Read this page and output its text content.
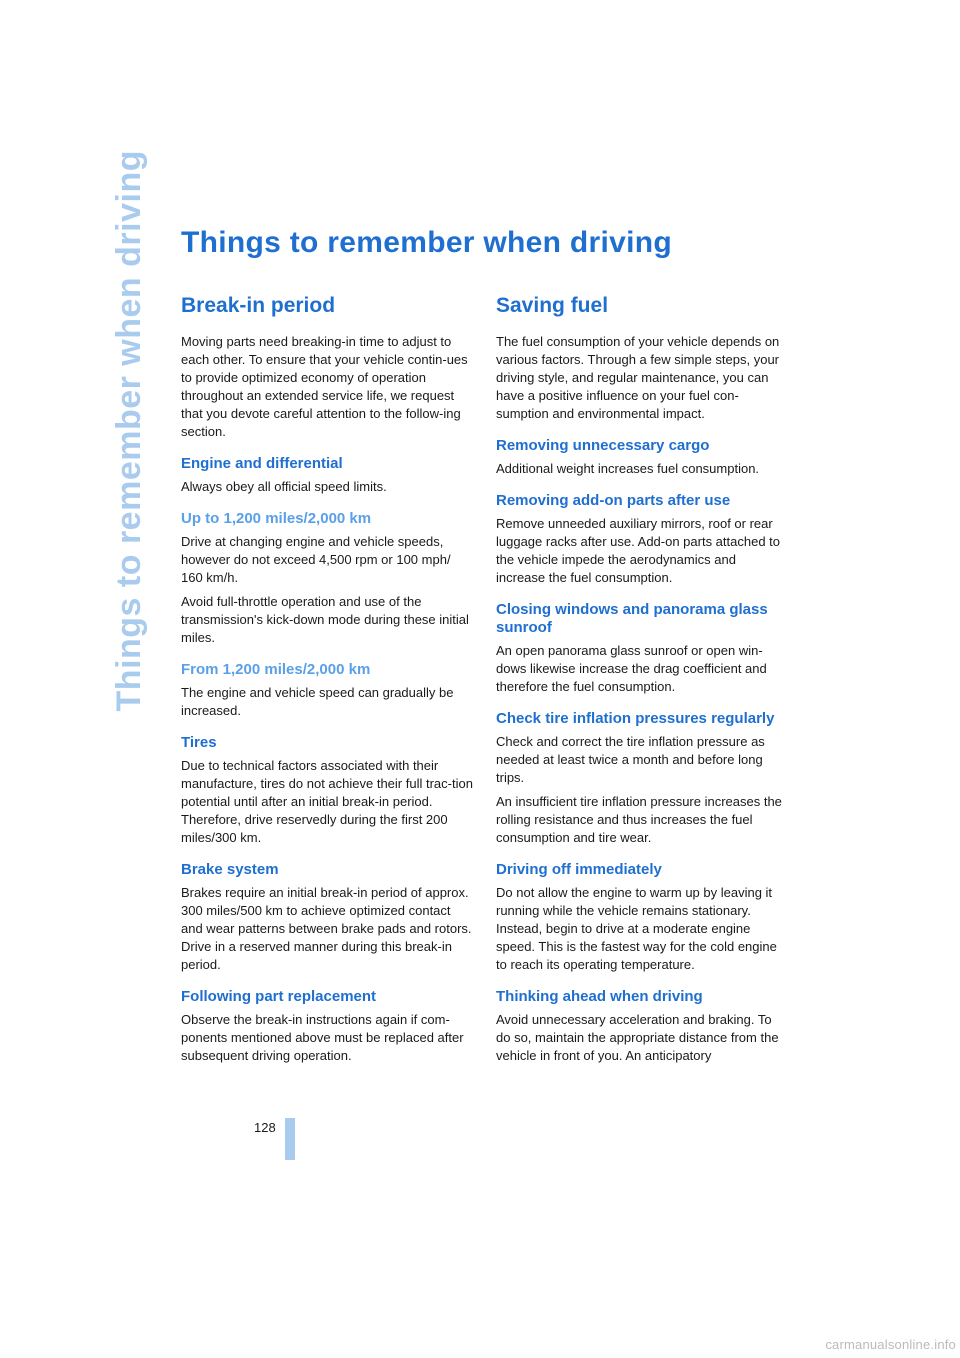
Things to remember when driving	Things to remember when driving
Break-in period

Moving parts need breaking-in time to adjust to each other. To ensure that your vehicle contin-ues to provide optimized economy of operation throughout an extended service life, we request that you devote careful attention to the follow-ing section.

Engine and differential

Always obey all official speed limits.

Up to 1,200 miles/2,000 km

Drive at changing engine and vehicle speeds, however do not exceed 4,500 rpm or 100 mph/ 160 km/h.

Avoid full-throttle operation and use of the transmission's kick-down mode during these initial miles.

From 1,200 miles/2,000 km

The engine and vehicle speed can gradually be increased.

Tires

Due to technical factors associated with their manufacture, tires do not achieve their full trac-tion potential until after an initial break-in period. Therefore, drive reservedly during the first 200 miles/300 km.

Brake system

Brakes require an initial break-in period of approx. 300 miles/500 km to achieve optimized contact and wear patterns between brake pads and rotors. Drive in a reserved manner during this break-in period.

Following part replacement

Observe the break-in instructions again if com-ponents mentioned above must be replaced after subsequent driving operation.

Saving fuel

The fuel consumption of your vehicle depends on various factors. Through a few simple steps, your driving style, and regular maintenance, you can have a positive influence on your fuel con-sumption and environmental impact.

Removing unnecessary cargo

Additional weight increases fuel consumption.

Removing add-on parts after use

Remove unneeded auxiliary mirrors, roof or rear luggage racks after use. Add-on parts attached to the vehicle impede the aerodynamics and increase the fuel consumption.

Closing windows and panorama glass sunroof

An open panorama glass sunroof or open win-dows likewise increase the drag coefficient and therefore the fuel consumption.

Check tire inflation pressures regularly

Check and correct the tire inflation pressure as needed at least twice a month and before long trips.

An insufficient tire inflation pressure increases the rolling resistance and thus increases the fuel consumption and tire wear.

Driving off immediately

Do not allow the engine to warm up by leaving it running while the vehicle remains stationary. Instead, begin to drive at a moderate engine speed. This is the fastest way for the cold engine to reach its operating temperature.

Thinking ahead when driving

Avoid unnecessary acceleration and braking. To do so, maintain the appropriate distance from the vehicle in front of you. An anticipatory

128
carmanualsonline.info
